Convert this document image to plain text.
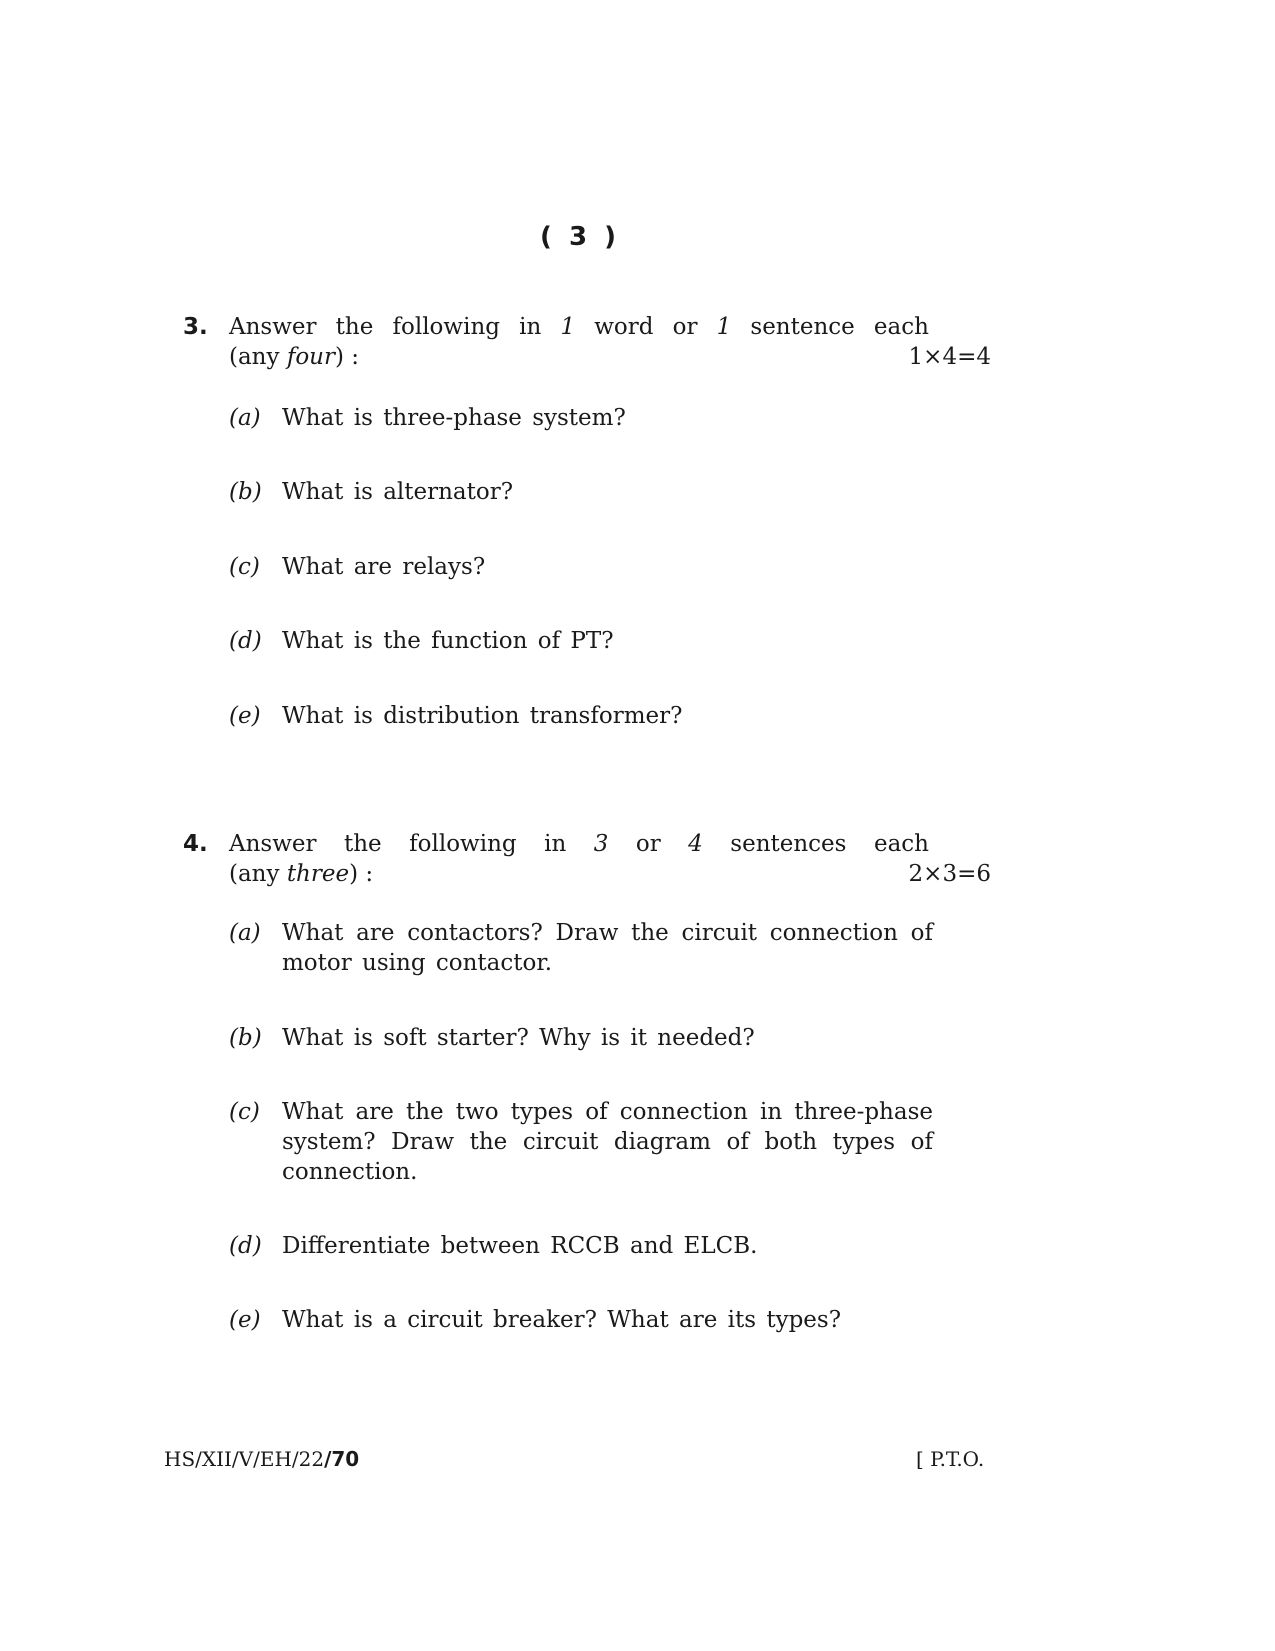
( 3 )
3. Answer the following in 1 word or 1 sentence each
(any four) :	1×4=4
(a) What is three-phase system?
(b) What is alternator?
(c) What are relays?
(d) What is the function of PT?
(e) What is distribution transformer?
4. Answer the following in 3 or 4 sentences each
(any three) :	2×3=6
(a) What are contactors? Draw the circuit connection of motor using contactor.
(b) What is soft starter? Why is it needed?
(c) What are the two types of connection in three-phase system? Draw the circuit diagram of both types of connection.
(d) Differentiate between RCCB and ELCB.
(e) What is a circuit breaker? What are its types?
HS/XII/V/EH/22/70	[ P.T.O.
